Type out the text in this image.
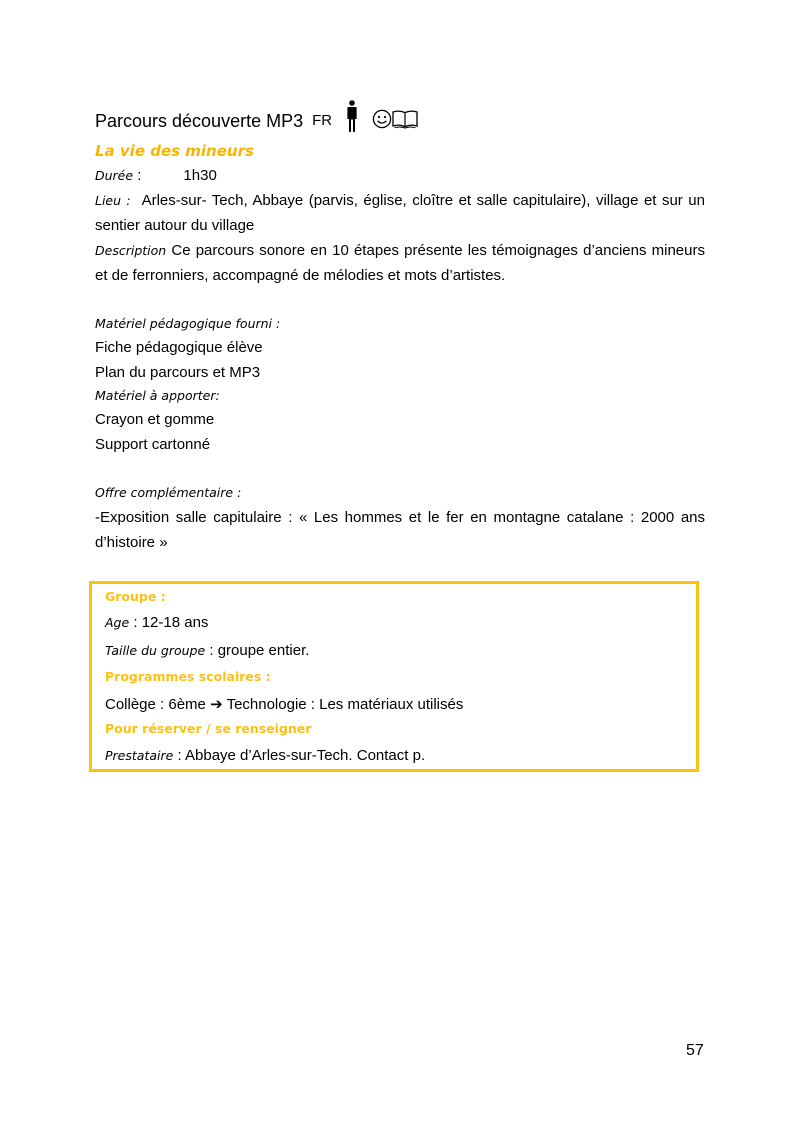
Parcours découverte MP3 FR
La vie des mineurs
Durée :	1h30
Lieu : Arles-sur- Tech, Abbaye (parvis, église, cloître et salle capitulaire), village et sur un sentier autour du village
Description Ce parcours sonore en 10 étapes présente les témoignages d’anciens mineurs et de ferronniers, accompagné de mélodies et mots d’artistes.
Matériel pédagogique fourni :
Fiche pédagogique élève
Plan du parcours et MP3
Matériel à apporter:
Crayon et gomme
Support cartonné
Offre complémentaire :
-Exposition salle capitulaire : « Les hommes et le fer en montagne catalane : 2000 ans d’histoire »
Groupe :
Age : 12-18 ans
Taille du groupe : groupe entier.
Programmes scolaires :
Collège : 6ème ➔ Technologie : Les matériaux utilisés
Pour réserver / se renseigner
Prestataire : Abbaye d’Arles-sur-Tech. Contact p.
57
